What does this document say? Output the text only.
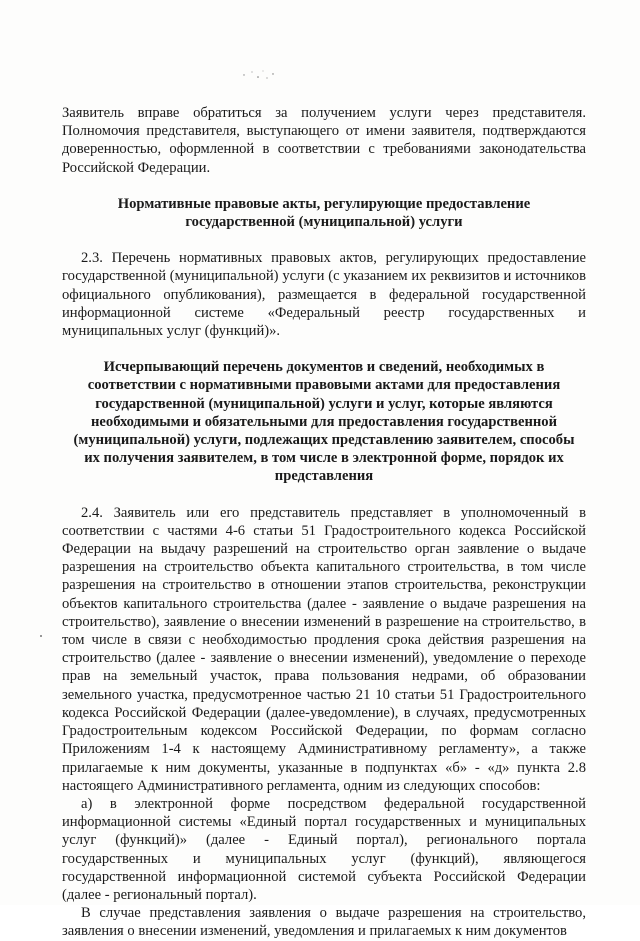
Заявитель вправе обратиться за получением услуги через представителя. Полномочия представителя, выступающего от имени заявителя, подтверждаются доверенностью, оформленной в соответствии с требованиями законодательства Российской Федерации.

Нормативные правовые акты, регулирующие предоставление государственной (муниципальной) услуги

2.3. Перечень нормативных правовых актов, регулирующих предоставление государственной (муниципальной) услуги (с указанием их реквизитов и источников официального опубликования), размещается в федеральной государственной информационной системе «Федеральный реестр государственных и муниципальных услуг (функций)».

Исчерпывающий перечень документов и сведений, необходимых в соответствии с нормативными правовыми актами для предоставления государственной (муниципальной) услуги и услуг, которые являются необходимыми и обязательными для предоставления государственной (муниципальной) услуги, подлежащих представлению заявителем, способы их получения заявителем, в том числе в электронной форме, порядок их представления

2.4. Заявитель или его представитель представляет в уполномоченный в соответствии с частями 4-6 статьи 51 Градостроительного кодекса Российской Федерации на выдачу разрешений на строительство орган заявление о выдаче разрешения на строительство объекта капитального строительства, в том числе разрешения на строительство в отношении этапов строительства, реконструкции объектов капитального строительства (далее - заявление о выдаче разрешения на строительство), заявление о внесении изменений в разрешение на строительство, в том числе в связи с необходимостью продления срока действия разрешения на строительство (далее - заявление о внесении изменений), уведомление о переходе прав на земельный участок, права пользования недрами, об образовании земельного участка, предусмотренное частью 21 10 статьи 51 Градостроительного кодекса Российской Федерации (далее-уведомление), в случаях, предусмотренных Градостроительным кодексом Российской Федерации, по формам согласно Приложениям 1-4 к настоящему Административному регламенту», а также прилагаемые к ним документы, указанные в подпунктах «б» - «д» пункта 2.8 настоящего Административного регламента, одним из следующих способов:

а) в электронной форме посредством федеральной государственной информационной системы «Единый портал государственных и муниципальных услуг (функций)» (далее - Единый портал), регионального портала государственных и муниципальных услуг (функций), являющегося государственной информационной системой субъекта Российской Федерации (далее - региональный портал).

В случае представления заявления о выдаче разрешения на строительство, заявления о внесении изменений, уведомления и прилагаемых к ним документов
